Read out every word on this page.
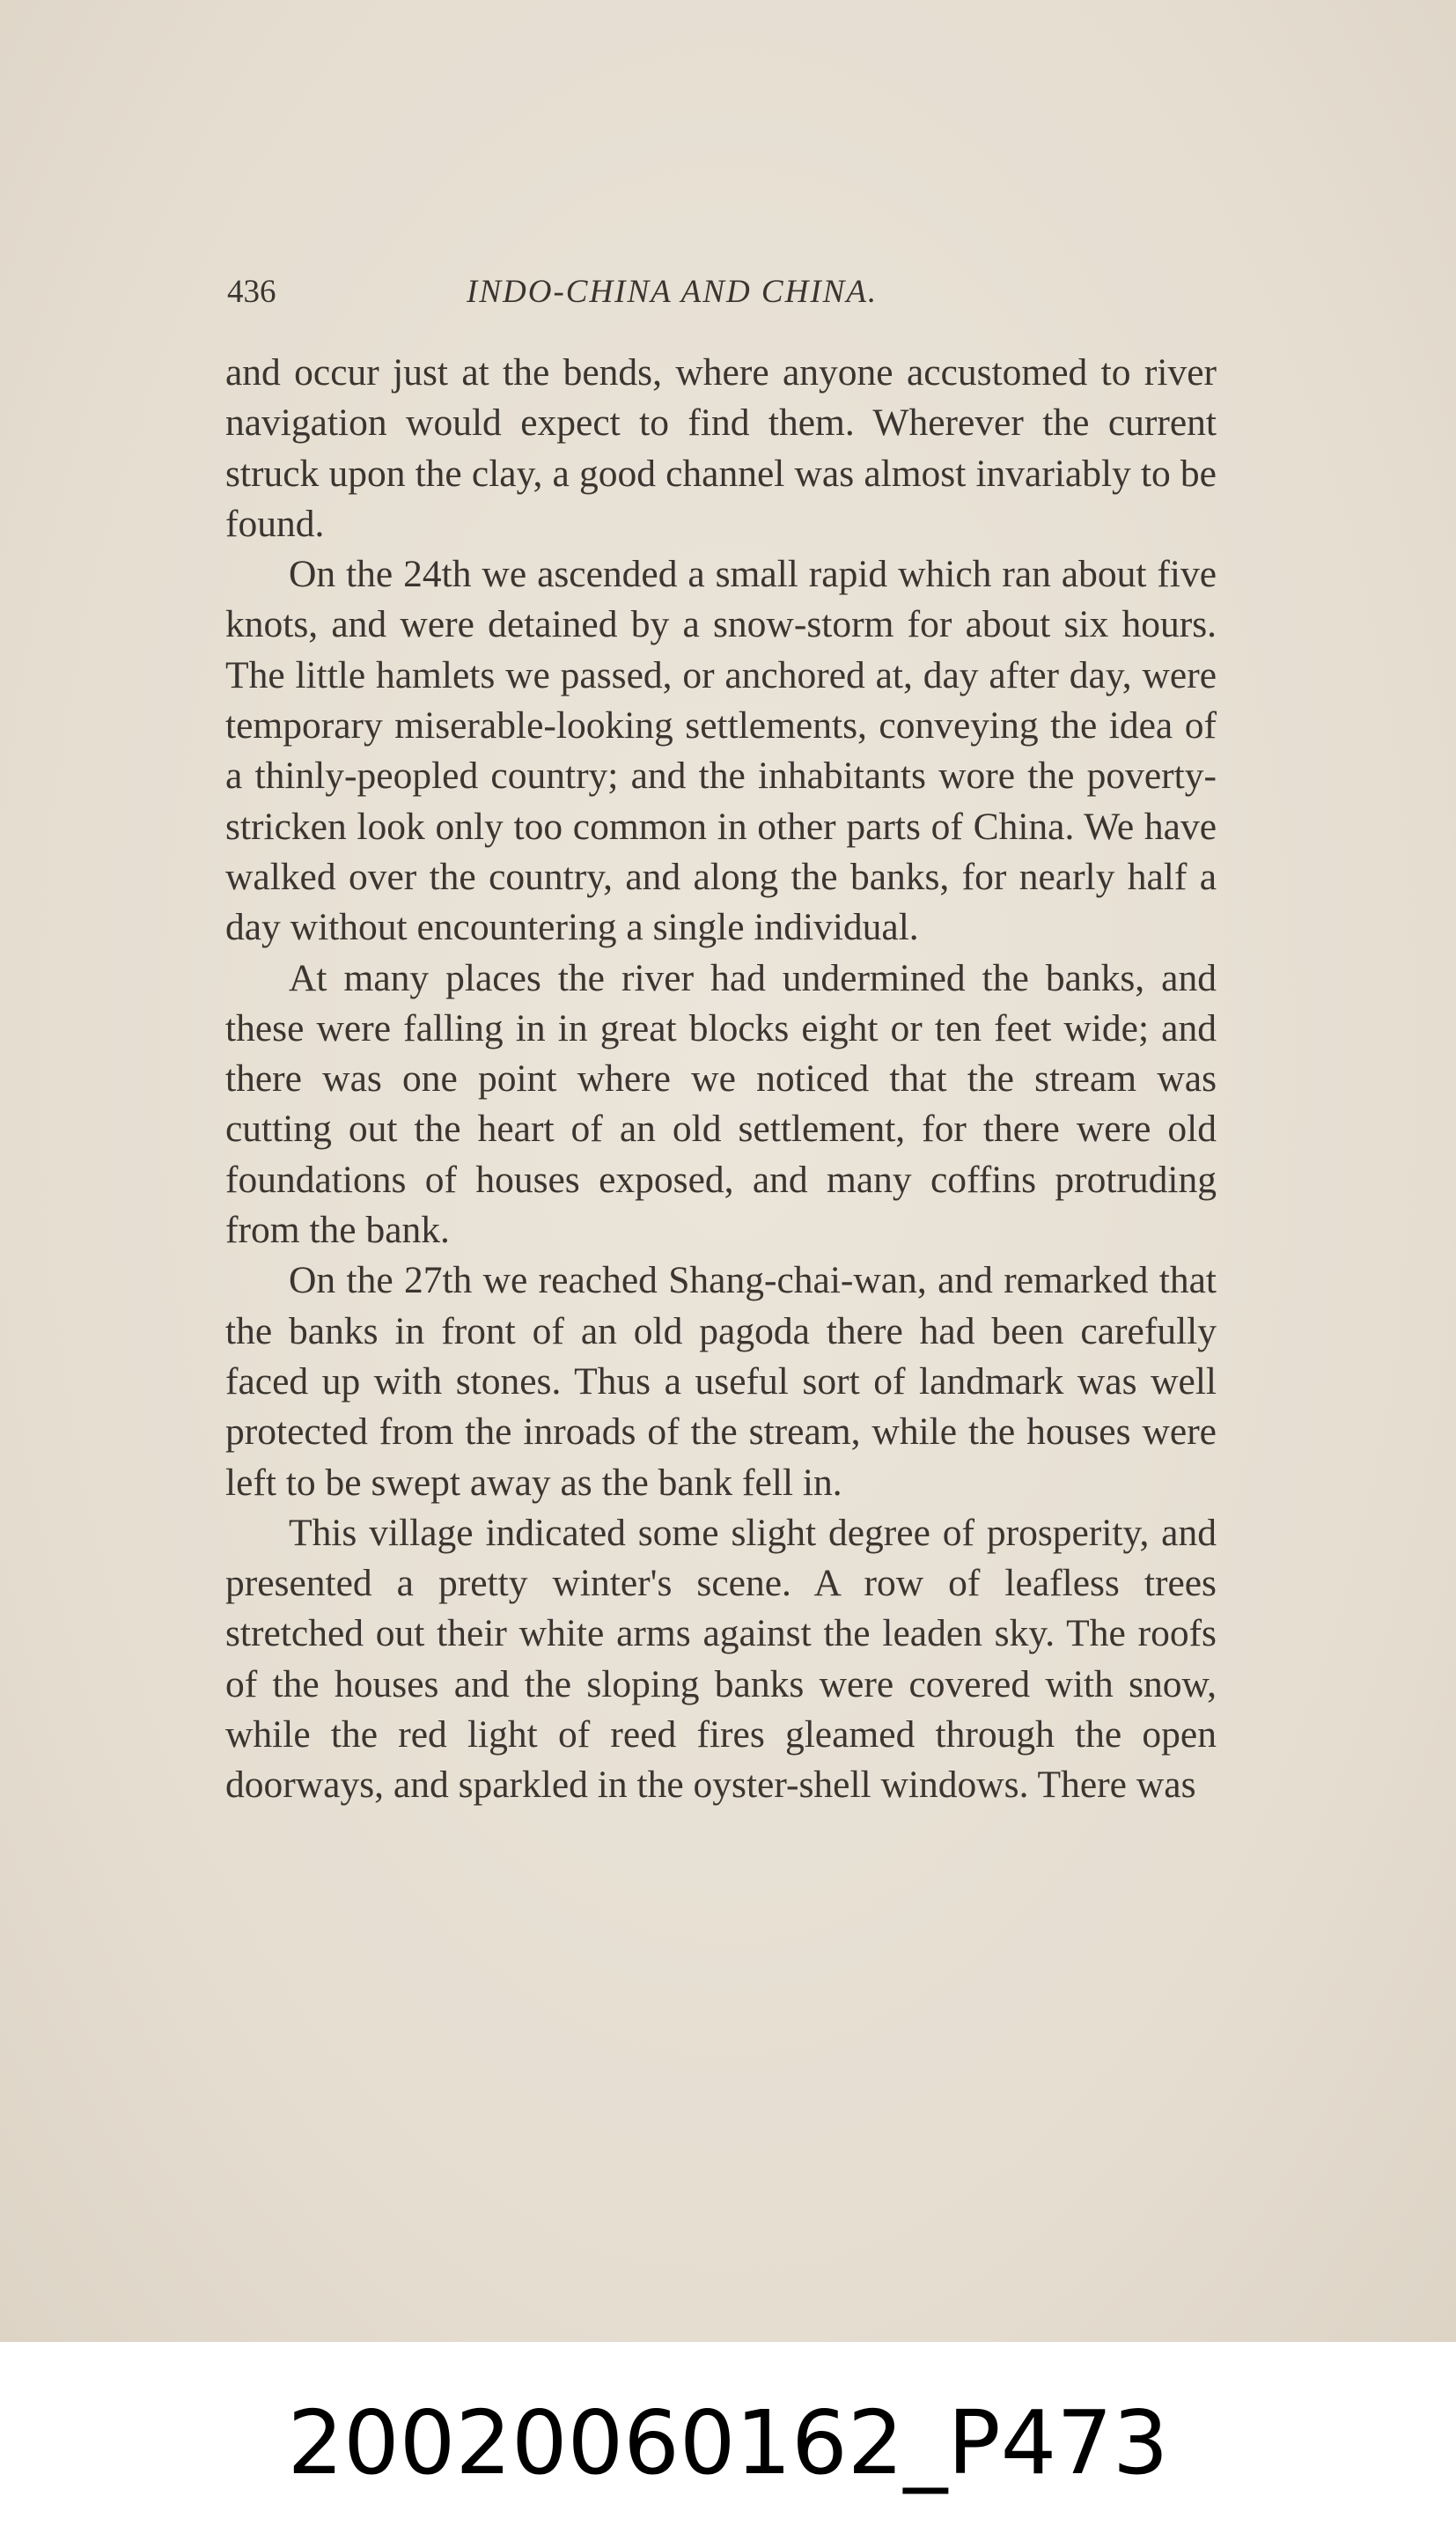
436	INDO-CHINA AND CHINA.

and occur just at the bends, where anyone accustomed to river navigation would expect to find them. Wherever the current struck upon the clay, a good channel was almost invariably to be found.

On the 24th we ascended a small rapid which ran about five knots, and were detained by a snow-storm for about six hours. The little hamlets we passed, or anchored at, day after day, were temporary miserable-looking settlements, conveying the idea of a thinly-peopled country; and the inhabitants wore the poverty-stricken look only too common in other parts of China. We have walked over the country, and along the banks, for nearly half a day without encountering a single individual.

At many places the river had undermined the banks, and these were falling in in great blocks eight or ten feet wide; and there was one point where we noticed that the stream was cutting out the heart of an old settlement, for there were old foundations of houses exposed, and many coffins protruding from the bank.

On the 27th we reached Shang-chai-wan, and remarked that the banks in front of an old pagoda there had been carefully faced up with stones. Thus a useful sort of landmark was well protected from the inroads of the stream, while the houses were left to be swept away as the bank fell in.

This village indicated some slight degree of prosperity, and presented a pretty winter's scene. A row of leafless trees stretched out their white arms against the leaden sky. The roofs of the houses and the sloping banks were covered with snow, while the red light of reed fires gleamed through the open doorways, and sparkled in the oyster-shell windows. There was

20020060162_P473
